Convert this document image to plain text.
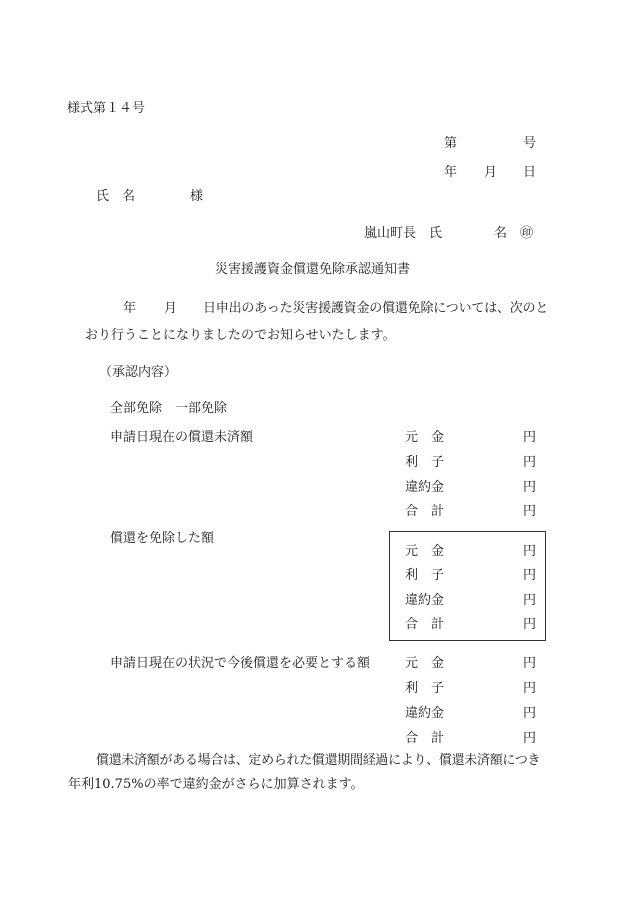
様式第１４号
第	号
年 月 日
氏　名	様
嵐山町長　氏	名 ㊞
災害援護資金償還免除承認通知書
年 月 日申出のあった災害援護資金の償還免除については、次のと
おり行うことになりましたのでお知らせいたします。
（承認内容）
全部免除　一部免除
申請日現在の償還未済額	元　金	円
利　子	円
違約金	円
合　計	円
償還を免除した額
元　金	円
利　子	円
違約金	円
合　計	円
申請日現在の状況で今後償還を必要とする額	元　金	円
利　子	円
違約金	円
合　計	円
償還未済額がある場合は、定められた償還期間経過により、償還未済額につき
年利10.75%の率で違約金がさらに加算されます。
